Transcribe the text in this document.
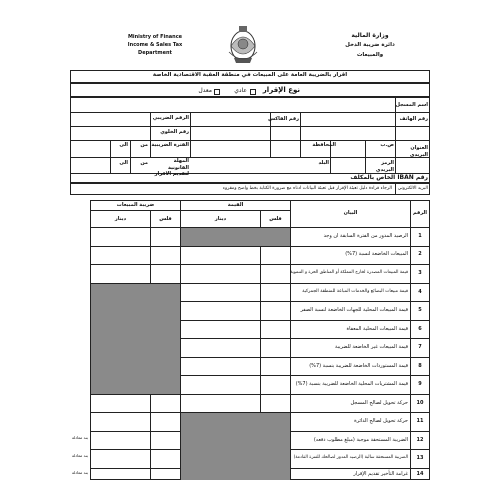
Ministry of Finance
Income & Sales Tax
Department
وزارة المالية
دائرة ضريبة الدخل
والمبيعات
اقرار بالضريبة العامة على المبيعات في منطقة العقبة الاقتصادية الخاصة
نوع الإقرار
عادي
معدل
اسم المسجل
الرقم الضريبي	رقم الهاتف
رقم الفاكس
رقم الخلوي
العنوان البريدي
ص.ب
المحافظة
الفترة الضريبية
من
الى
الرمز البريدي
البلد
المهلة القانونية لتقديم الاقرار
من
الى
رقم IBAN الخاص بالمكلف
البريد الالكتروني
الرجاء قراءة دليل تعبئة الإقرار قبل تعبئة البيانات ادناه مع ضرورة الكتابة بخط واضح ومقروء
الرقم
البيان
القيمة
ضريبة المبيعات
فلس
دينار
فلس
دينار
1
الرصيد المدور من الفترة السابقة ان وجد
2
المبيعات الخاضعة لنسبة (7%)
3
قيمة المبيعات المصدرة لخارج المملكة أو المناطق الحرة و التنموية
4
قيمة مبيعات البضائع والخدمات المباعة للمنطقة الجمركية
5
قيمة المبيعات المحلية للجهات الخاضعة لنسبة الصفر
6
قيمة المبيعات المحلية المعفاة
7
قيمة المبيعات غير الخاضعة للضريبة
8
قيمة المستوردات الخاضعة للضريبة بنسبة (7%)
9
قيمة المشتريات المحلية الخاضعة للضريبة بنسبة (7%)
10
حركة تحويل لصالح المسجل
11
حركة تحويل لصالح الدائرة
12
الضريبة المستحقة موجبة (مبلغ مطلوب دفعه)
13
الضريبة المستحقة سالبة (الرصيد المدور لصالحك للفترة القادمة)
14
غرامة التأخير تقديم الإقرار
بند معادلة
بند معادلة
بند معادلة
